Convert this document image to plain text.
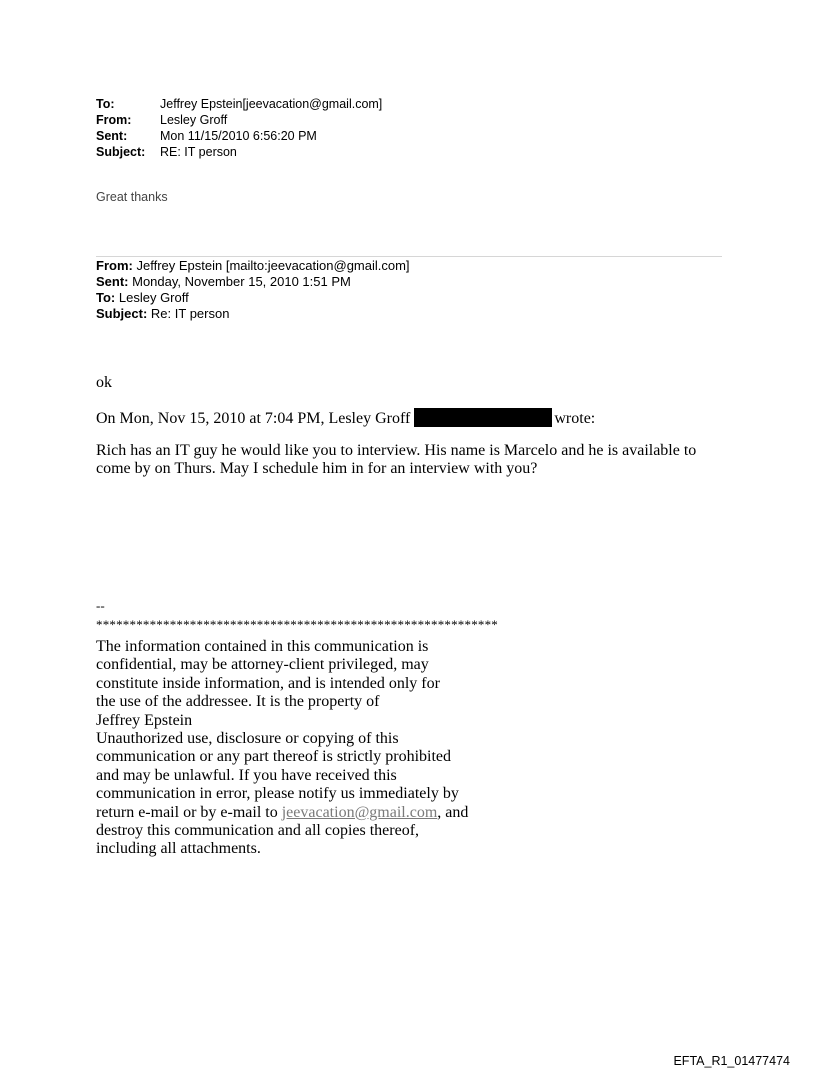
To:	Jeffrey Epstein[jeevacation@gmail.com]
From:	Lesley Groff
Sent:	Mon 11/15/2010 6:56:20 PM
Subject:	RE: IT person
Great thanks
From: Jeffrey Epstein [mailto:jeevacation@gmail.com]
Sent: Monday, November 15, 2010 1:51 PM
To: Lesley Groff
Subject: Re: IT person
ok
On Mon, Nov 15, 2010 at 7:04 PM, Lesley Groff	wrote:
Rich has an IT guy he would like you to interview. His name is Marcelo and he is available to come by on Thurs. May I schedule him in for an interview with you?
--
************************************************************
The information contained in this communication is
confidential, may be attorney-client privileged, may
constitute inside information, and is intended only for
the use of the addressee. It is the property of
Jeffrey Epstein
Unauthorized use, disclosure or copying of this
communication or any part thereof is strictly prohibited
and may be unlawful. If you have received this
communication in error, please notify us immediately by
return e-mail or by e-mail to jeevacation@gmail.com, and
destroy this communication and all copies thereof,
including all attachments.
EFTA_R1_01477474
